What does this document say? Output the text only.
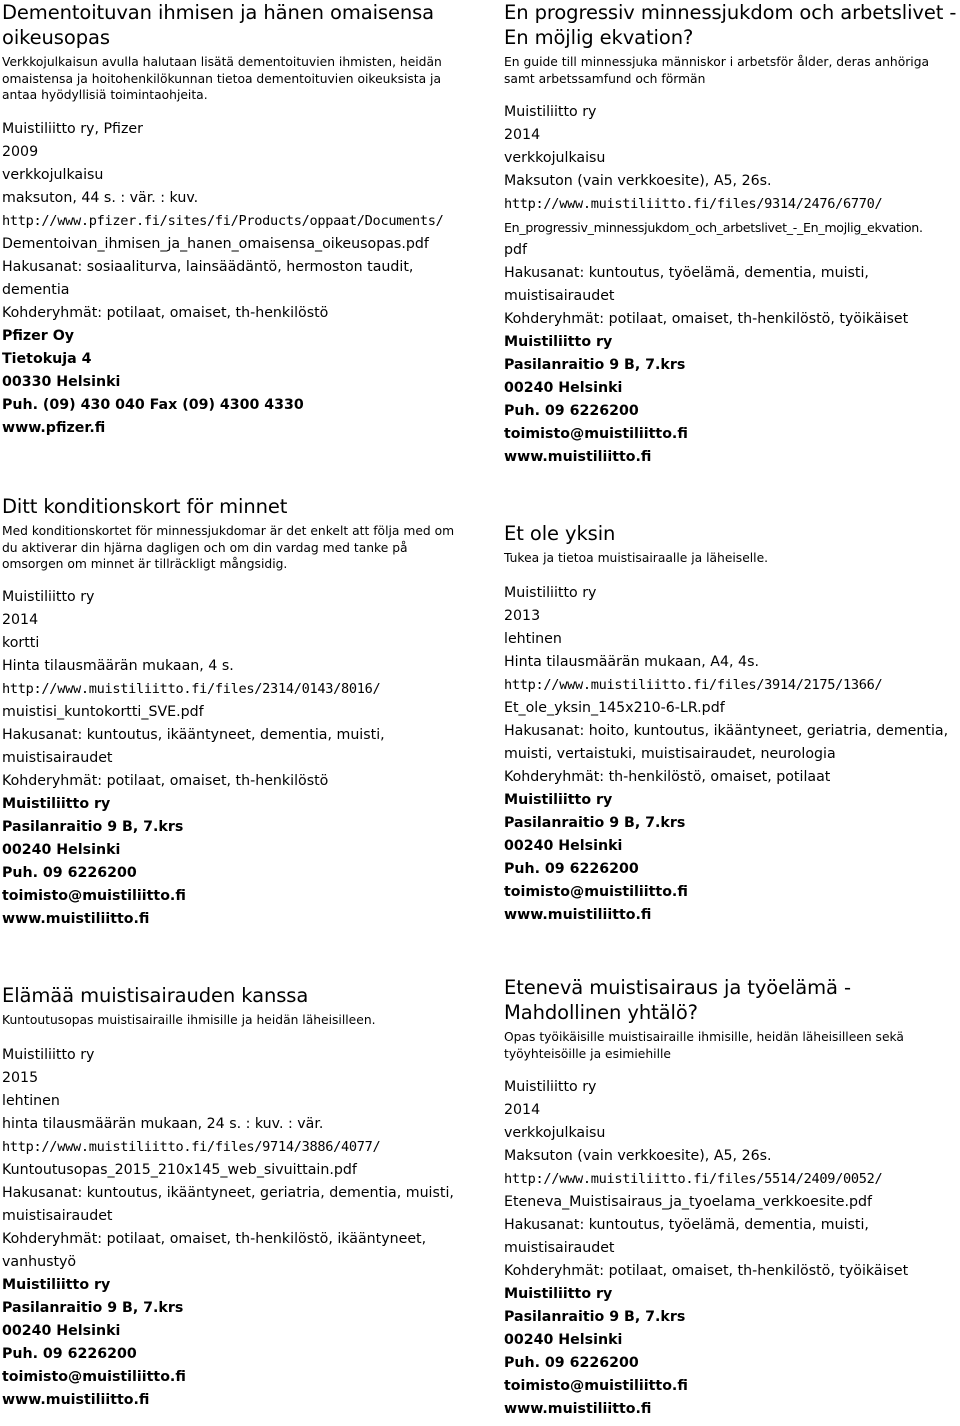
Dementoituvan ihmisen ja hänen omaisensa oikeusopas
Verkkojulkaisun avulla halutaan lisätä dementoituvien ihmisten, heidän omaistensa ja hoitohenkilökunnan tietoa dementoituvien oikeuksista ja antaa hyödyllisiä toimintaohjeita.
Muistiliitto ry, Pfizer
2009
verkkojulkaisu
maksuton, 44 s. : vär. : kuv.
http://www.pfizer.fi/sites/fi/Products/oppaat/Documents/
Dementoivan_ihmisen_ja_hanen_omaisensa_oikeusopas.pdf
Hakusanat: sosiaaliturva, lainsäädäntö, hermoston taudit, dementia
Kohderyhmät: potilaat, omaiset, th-henkilöstö
Pfizer Oy
Tietokuja 4
00330 Helsinki
Puh. (09) 430 040 Fax (09) 4300 4330
www.pfizer.fi
En progressiv minnessjukdom och arbetslivet - En möjlig ekvation?
En guide till minnessjuka människor i arbetsför ålder, deras anhöriga samt arbetssamfund och förmän
Muistiliitto ry
2014
verkkojulkaisu
Maksuton (vain verkkoesite), A5, 26s.
http://www.muistiliitto.fi/files/9314/2476/6770/
En_progressiv_minnessjukdom_och_arbetslivet_-_En_mojlig_ekvation.
pdf
Hakusanat: kuntoutus, työelämä, dementia, muisti, muistisairaudet
Kohderyhmät: potilaat, omaiset, th-henkilöstö, työikäiset
Muistiliitto ry
Pasilanraitio 9 B, 7.krs
00240 Helsinki
Puh. 09 6226200
toimisto@muistiliitto.fi
www.muistiliitto.fi
Ditt konditionskort för minnet
Med konditionskortet för minnessjukdomar är det enkelt att följa med om du aktiverar din hjärna dagligen och om din vardag med tanke på omsorgen om minnet är tillräckligt mångsidig.
Muistiliitto ry
2014
kortti
Hinta tilausmäärän mukaan, 4 s.
http://www.muistiliitto.fi/files/2314/0143/8016/
muistisi_kuntokortti_SVE.pdf
Hakusanat: kuntoutus, ikääntyneet, dementia, muisti, muistisairaudet
Kohderyhmät: potilaat, omaiset, th-henkilöstö
Muistiliitto ry
Pasilanraitio 9 B, 7.krs
00240 Helsinki
Puh. 09 6226200
toimisto@muistiliitto.fi
www.muistiliitto.fi
Et ole yksin
Tukea ja tietoa muistisairaalle ja läheiselle.
Muistiliitto ry
2013
lehtinen
Hinta tilausmäärän mukaan, A4, 4s.
http://www.muistiliitto.fi/files/3914/2175/1366/
Et_ole_yksin_145x210-6-LR.pdf
Hakusanat: hoito, kuntoutus, ikääntyneet, geriatria, dementia, muisti, vertaistuki, muistisairaudet, neurologia
Kohderyhmät: th-henkilöstö, omaiset, potilaat
Muistiliitto ry
Pasilanraitio 9 B, 7.krs
00240 Helsinki
Puh. 09 6226200
toimisto@muistiliitto.fi
www.muistiliitto.fi
Elämää muistisairauden kanssa
Kuntoutusopas muistisairaille ihmisille ja heidän läheisilleen.
Muistiliitto ry
2015
lehtinen
hinta tilausmäärän mukaan, 24 s. : kuv. : vär.
http://www.muistiliitto.fi/files/9714/3886/4077/
Kuntoutusopas_2015_210x145_web_sivuittain.pdf
Hakusanat: kuntoutus, ikääntyneet, geriatria, dementia, muisti, muistisairaudet
Kohderyhmät: potilaat, omaiset, th-henkilöstö, ikääntyneet, vanhustyö
Muistiliitto ry
Pasilanraitio 9 B, 7.krs
00240 Helsinki
Puh. 09 6226200
toimisto@muistiliitto.fi
www.muistiliitto.fi
Etenevä muistisairaus ja työelämä - Mahdollinen yhtälö?
Opas työikäisille muistisairaille ihmisille, heidän läheisilleen sekä työyhteisöille ja esimiehille
Muistiliitto ry
2014
verkkojulkaisu
Maksuton (vain verkkoesite), A5, 26s.
http://www.muistiliitto.fi/files/5514/2409/0052/
Eteneva_Muistisairaus_ja_tyoelama_verkkoesite.pdf
Hakusanat: kuntoutus, työelämä, dementia, muisti, muistisairaudet
Kohderyhmät: potilaat, omaiset, th-henkilöstö, työikäiset
Muistiliitto ry
Pasilanraitio 9 B, 7.krs
00240 Helsinki
Puh. 09 6226200
toimisto@muistiliitto.fi
www.muistiliitto.fi
